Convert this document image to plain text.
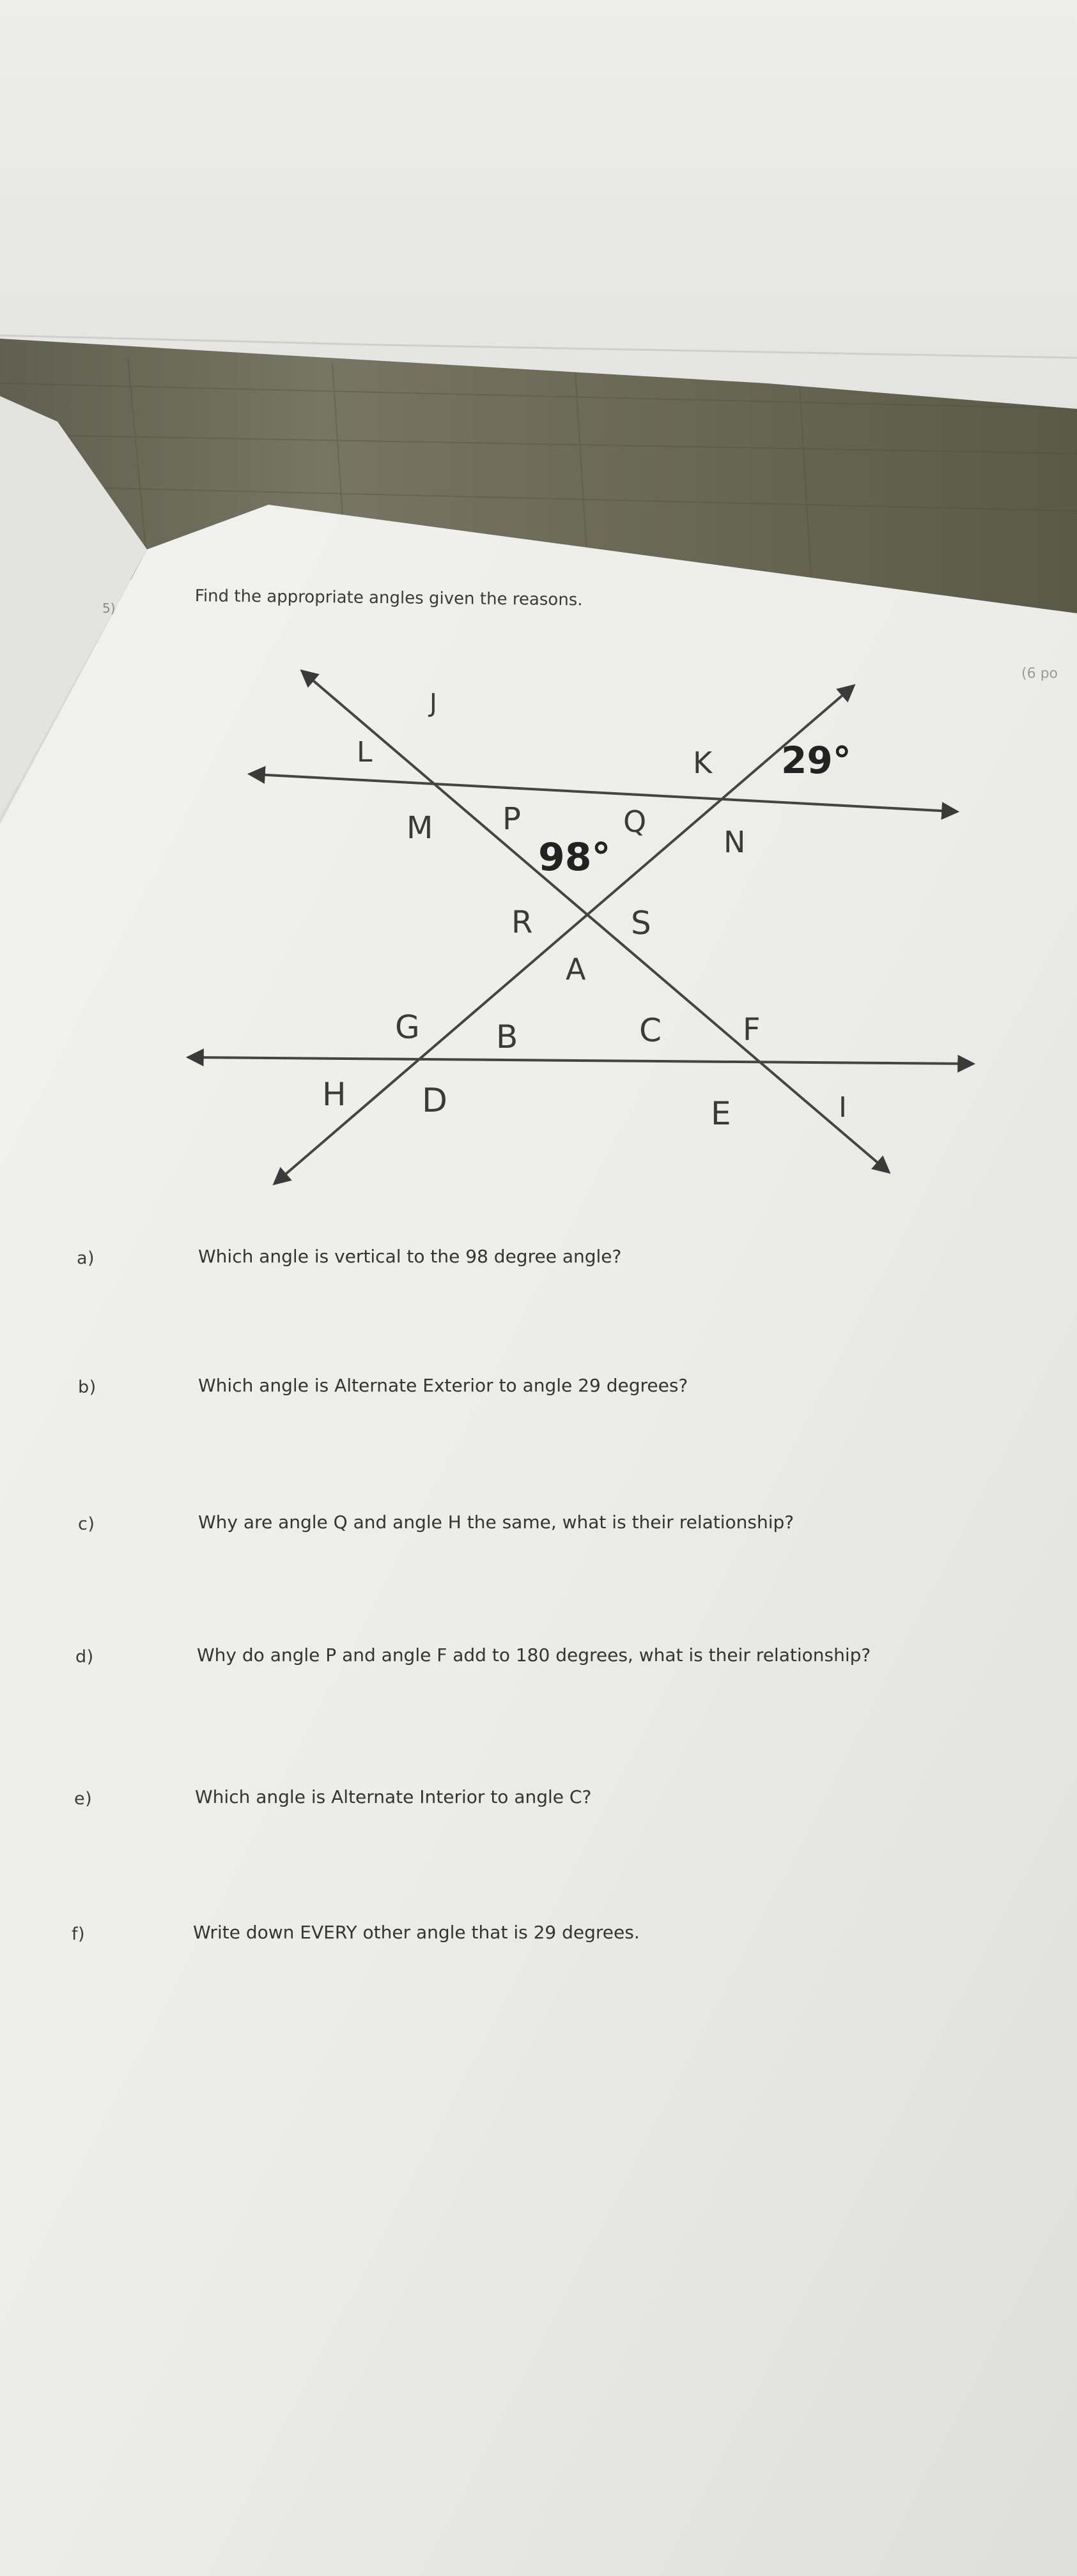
5)	Find the appropriate angles given the reasons.
(6 po
L
J
K
M P	Q
N
R	S
A
G B	C	F
H D	E	I
29°
98°
a)	Which angle is vertical to the 98 degree angle?
b)	Which angle is Alternate Exterior to angle 29 degrees?
c)	Why are angle Q and angle H the same, what is their relationship?
d)	Why do angle P and angle F add to 180 degrees, what is their relationship?
e)	Which angle is Alternate Interior to angle C?
f)	Write down EVERY other angle that is 29 degrees.
